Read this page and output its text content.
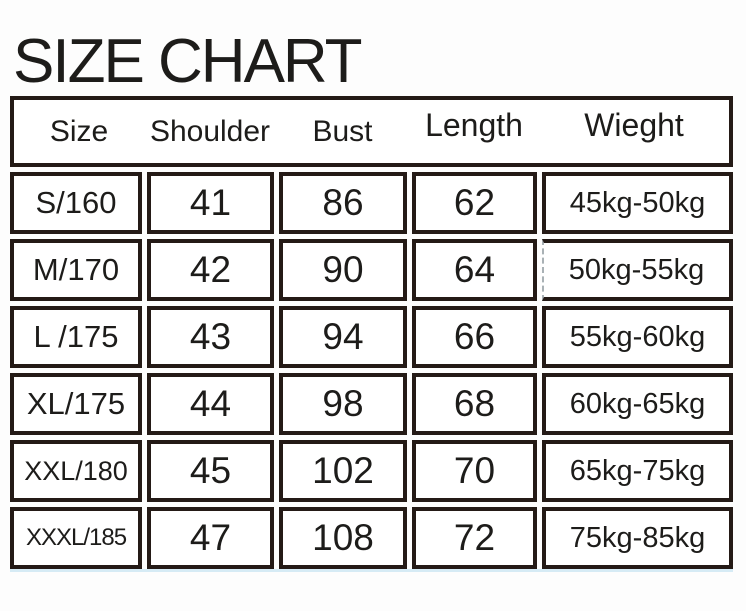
SIZE CHART
Size	Shoulder	Bust	Length	Wieght
S/160	41	86	62	45kg-50kg
M/170	42	90	64	50kg-55kg
L /175	43	94	66	55kg-60kg
XL/175	44	98	68	60kg-65kg
XXL/180	45	102	70	65kg-75kg
XXXL/185	47	108	72	75kg-85kg
